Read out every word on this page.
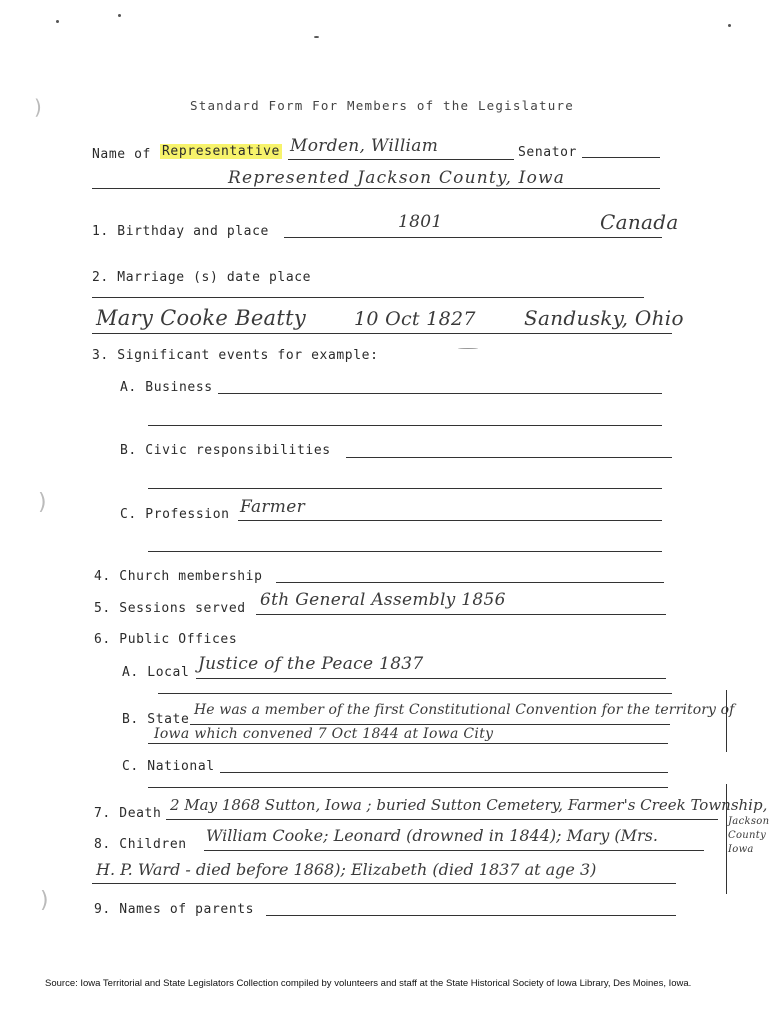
)
)
)
Standard Form For Members of the Legislature
Name of Representative Morden, William	Senator
Represented Jackson County, Iowa
1. Birthday and place	1801	Canada
2. Marriage (s) date place
Mary Cooke Beatty	10 Oct 1827 Sandusky, Ohio
3. Significant events for example:
A. Business
B. Civic responsibilities
C. Profession Farmer
4. Church membership
5. Sessions served 6th General Assembly 1856
6. Public Offices
A. Local Justice of the Peace 1837
B. State
He was a member of the first Constitutional Convention for the territory of
Iowa which convened 7 Oct 1844 at Iowa City
C. National
7. Death 2 May 1868 Sutton, Iowa ; buried Sutton Cemetery, Farmer's Creek Township,
Jackson County Iowa
8. Children William Cooke; Leonard (drowned in 1844); Mary (Mrs.
H. P. Ward - died before 1868); Elizabeth (died 1837 at age 3)
9. Names of parents
Source: Iowa Territorial and State Legislators Collection compiled by volunteers and staff at the State Historical Society of Iowa Library, Des Moines, Iowa.
